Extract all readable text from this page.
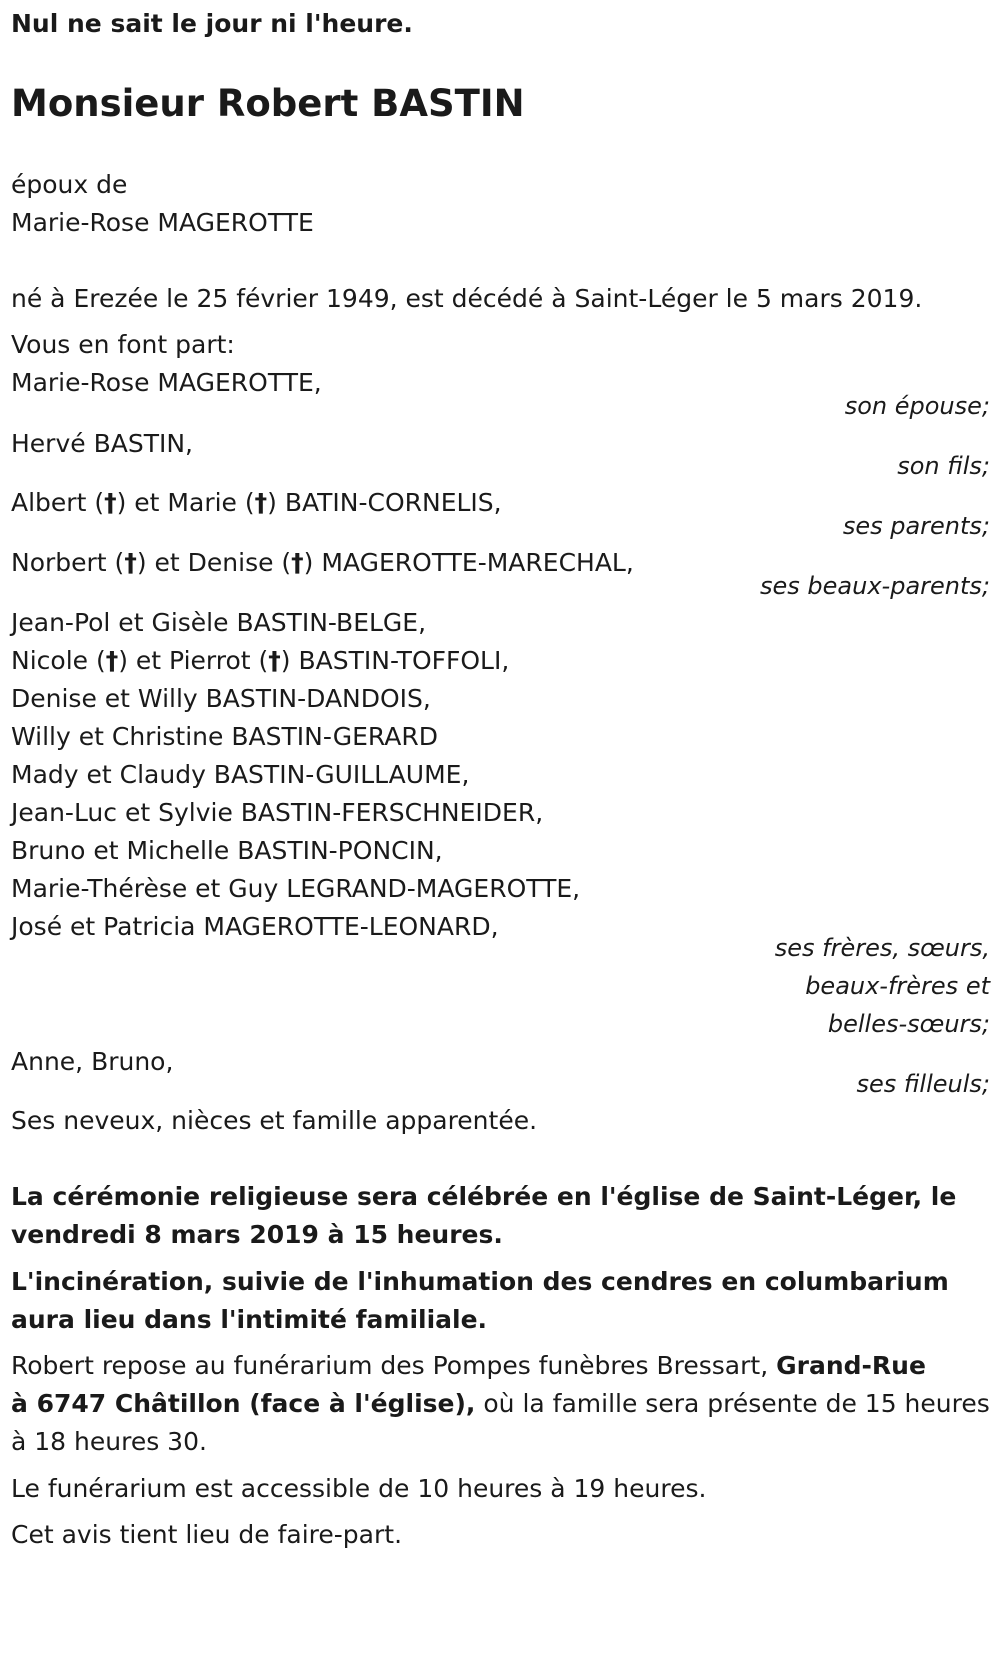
Nul ne sait le jour ni l'heure.
Monsieur Robert BASTIN
époux de
Marie-Rose MAGEROTTE
né à Erezée le 25 février 1949, est décédé à Saint-Léger le 5 mars 2019.
Vous en font part:
Marie-Rose MAGEROTTE,
son épouse;
Hervé BASTIN,
son fils;
Albert (†) et Marie (†) BATIN-CORNELIS,
ses parents;
Norbert (†) et Denise (†) MAGEROTTE-MARECHAL,
ses beaux-parents;
Jean-Pol et Gisèle BASTIN-BELGE,
Nicole (†) et Pierrot (†) BASTIN-TOFFOLI,
Denise et Willy BASTIN-DANDOIS,
Willy et Christine BASTIN-GERARD
Mady et Claudy BASTIN-GUILLAUME,
Jean-Luc et Sylvie BASTIN-FERSCHNEIDER,
Bruno et Michelle BASTIN-PONCIN,
Marie-Thérèse et Guy LEGRAND-MAGEROTTE,
José et Patricia MAGEROTTE-LEONARD,
ses frères, sœurs,
beaux-frères et
belles-sœurs;
Anne, Bruno,
ses filleuls;
Ses neveux, nièces et famille apparentée.
La cérémonie religieuse sera célébrée en l'église de Saint-Léger, le
vendredi 8 mars 2019 à 15 heures.
L'incinération, suivie de l'inhumation des cendres en columbarium
aura lieu dans l'intimité familiale.
Robert repose au funérarium des Pompes funèbres Bressart, Grand-Rue
à 6747 Châtillon (face à l'église), où la famille sera présente de 15 heures
à 18 heures 30.
Le funérarium est accessible de 10 heures à 19 heures.
Cet avis tient lieu de faire-part.
